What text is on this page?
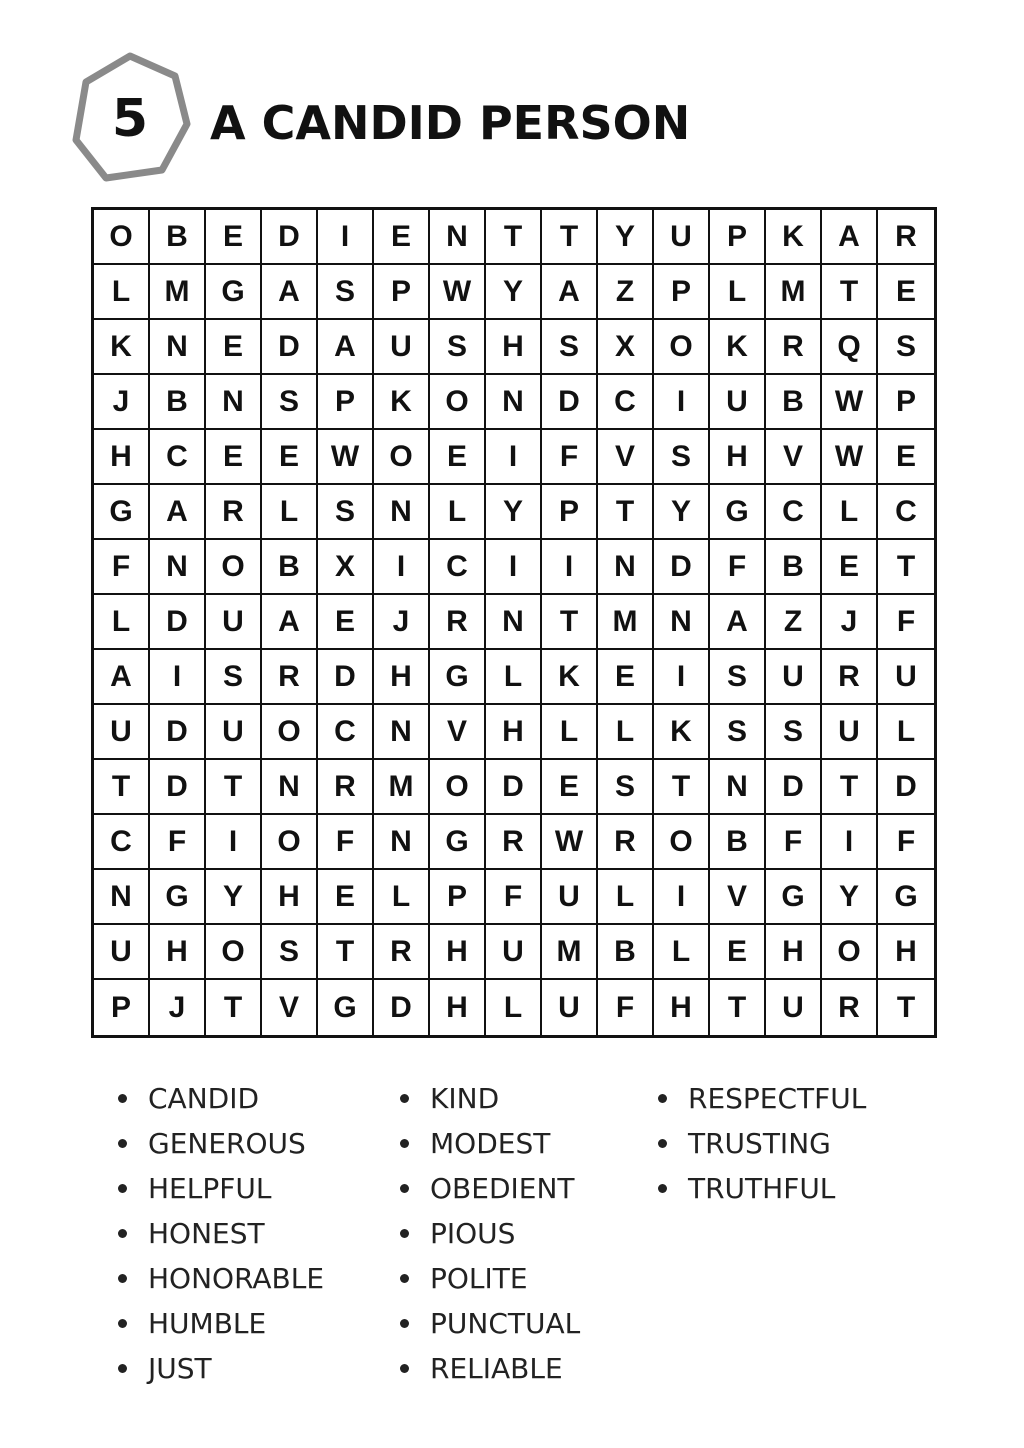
5	A CANDID PERSON
O	B	E	D	I	E	N	T	T	Y	U	P	K	A	R
L	M	G	A	S	P	W	Y	A	Z	P	L	M	T	E
K	N	E	D	A	U	S	H	S	X	O	K	R	Q	S
J	B	N	S	P	K	O	N	D	C	I	U	B	W	P
H	C	E	E	W	O	E	I	F	V	S	H	V	W	E
G	A	R	L	S	N	L	Y	P	T	Y	G	C	L	C
F	N	O	B	X	I	C	I	I	N	D	F	B	E	T
L	D	U	A	E	J	R	N	T	M	N	A	Z	J	F
A	I	S	R	D	H	G	L	K	E	I	S	U	R	U
U	D	U	O	C	N	V	H	L	L	K	S	S	U	L
T	D	T	N	R	M	O	D	E	S	T	N	D	T	D
C	F	I	O	F	N	G	R	W	R	O	B	F	I	F
N	G	Y	H	E	L	P	F	U	L	I	V	G	Y	G
U	H	O	S	T	R	H	U	M	B	L	E	H	O	H
P	J	T	V	G	D	H	L	U	F	H	T	U	R	T
CANDID
GENEROUS
HELPFUL
HONEST
HONORABLE
HUMBLE
JUST
KIND
MODEST
OBEDIENT
PIOUS
POLITE
PUNCTUAL
RELIABLE
RESPECTFUL
TRUSTING
TRUTHFUL
